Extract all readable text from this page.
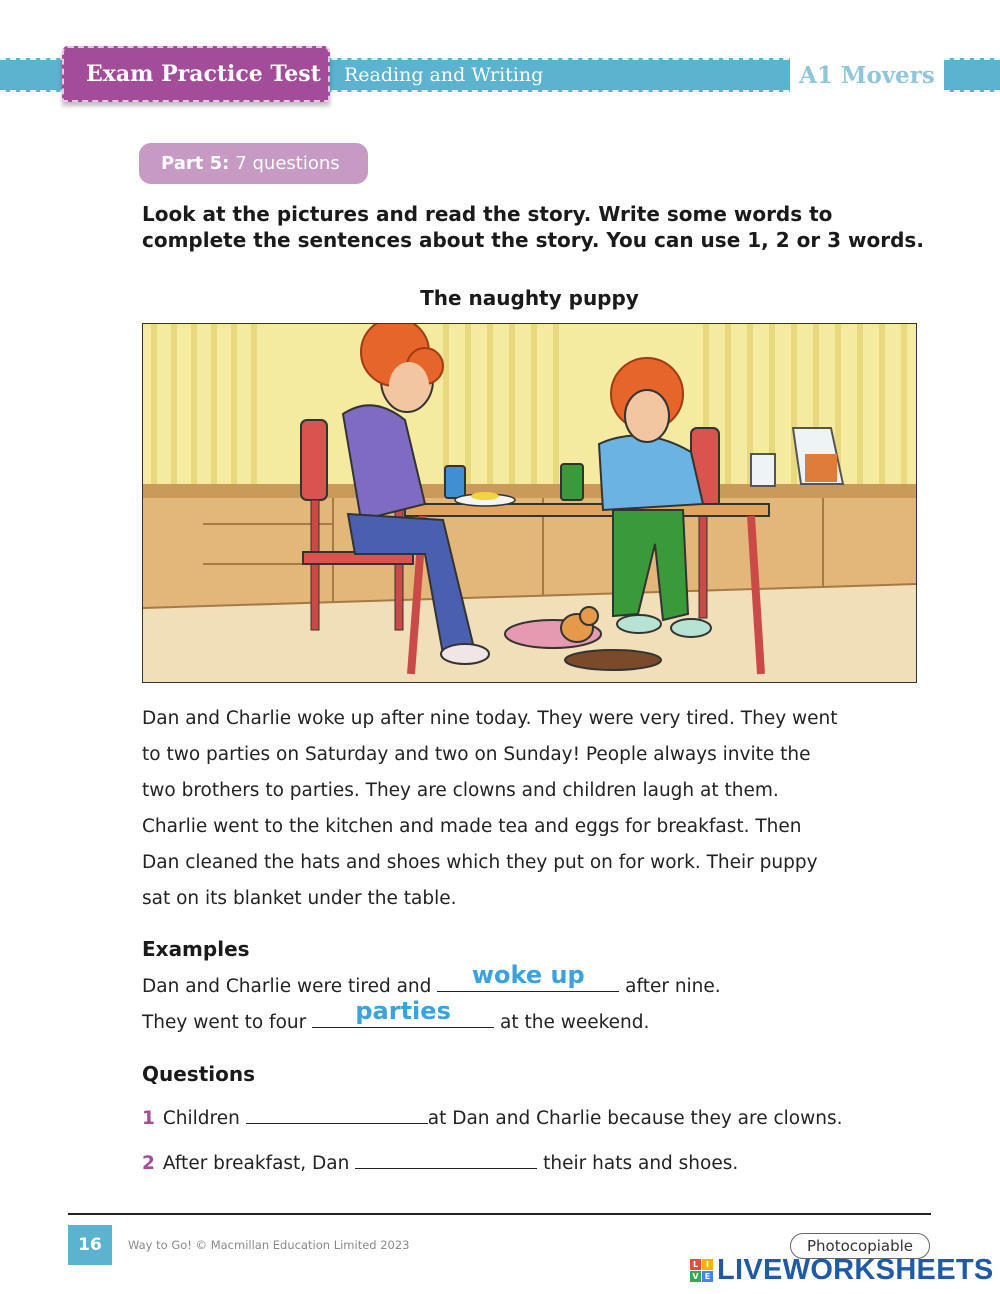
Exam Practice Test Reading and Writing	A1 Movers
Part 5: 7 questions

Look at the pictures and read the story. Write some words to complete the sentences about the story. You can use 1, 2 or 3 words.

The naughty puppy

Dan and Charlie woke up after nine today. They were very tired. They went
to two parties on Saturday and two on Sunday! People always invite the
two brothers to parties. They are clowns and children laugh at them.
Charlie went to the kitchen and made tea and eggs for breakfast. Then
Dan cleaned the hats and shoes which they put on for work. Their puppy
sat on its blanket under the table.

Examples
Dan and Charlie were tired and	woke up	after nine.
They went to four	parties	at the weekend.
Questions
1 Children	at Dan and Charlie because they are clowns.
2 After breakfast, Dan	their hats and shoes.
16	Way to Go! © Macmillan Education Limited 2023	Photocopiable
L I
V E LIVEWORKSHEETS
